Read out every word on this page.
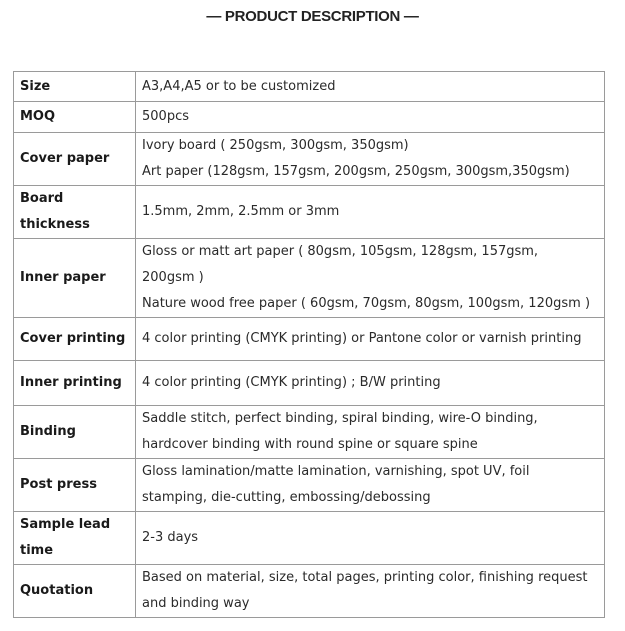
— PRODUCT DESCRIPTION —
Size	A3,A4,A5 or to be customized

MOQ	500pcs

Cover paper	Ivory board ( 250gsm, 300gsm, 350gsm)
Art paper (128gsm, 157gsm, 200gsm, 250gsm, 300gsm,350gsm)

Board thickness	1.5mm, 2mm, 2.5mm or 3mm

Inner paper	Gloss or matt art paper ( 80gsm, 105gsm, 128gsm, 157gsm,
200gsm )
Nature wood free paper ( 60gsm, 70gsm, 80gsm, 100gsm, 120gsm )

Cover printing	4 color printing (CMYK printing) or Pantone color or varnish printing

Inner printing	4 color printing (CMYK printing) ; B/W printing

Binding	Saddle stitch, perfect binding, spiral binding, wire-O binding,
hardcover binding with round spine or square spine

Post press	Gloss lamination/matte lamination, varnishing, spot UV, foil
stamping, die-cutting, embossing/debossing

Sample lead time	2-3 days

Quotation	Based on material, size, total pages, printing color, finishing request
and binding way
